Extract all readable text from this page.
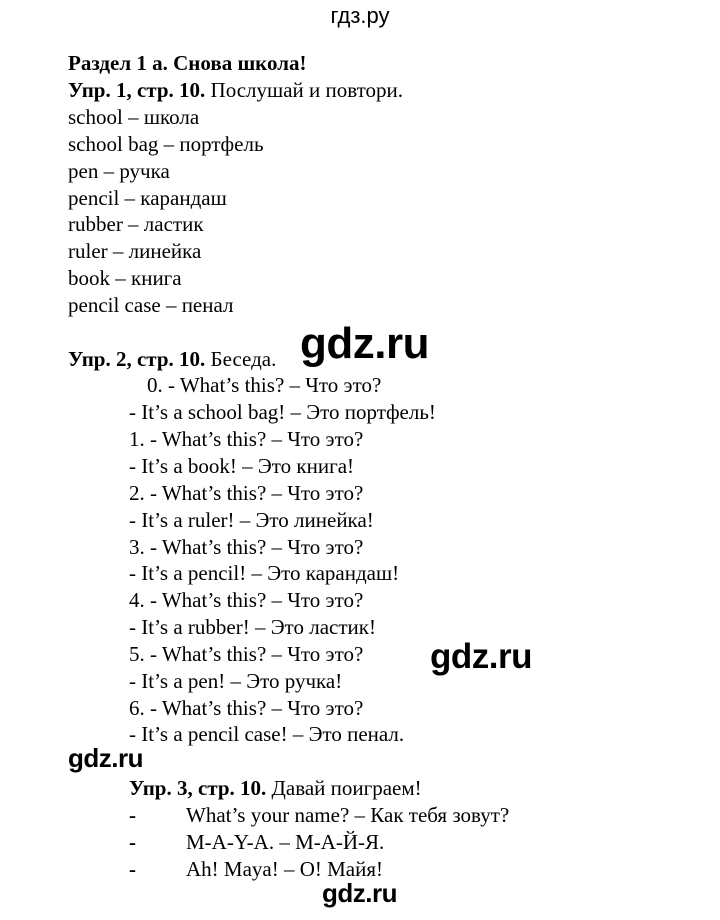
гдз.ру
Раздел 1 а. Снова школа!
Упр. 1, стр. 10. Послушай и повтори.
school – школа
school bag – портфель
pen – ручка
pencil – карандаш
rubber – ластик
ruler – линейка
book – книга
pencil case – пенал
Упр. 2, стр. 10. Беседа.
0. - What’s this? – Что это?
- It’s a school bag! – Это портфель!
1. - What’s this? – Что это?
- It’s a book! – Это книга!
2. - What’s this? – Что это?
- It’s a ruler! – Это линейка!
3. - What’s this? – Что это?
- It’s a pencil! – Это карандаш!
4. - What’s this? – Что это?
- It’s a rubber! – Это ластик!
5. - What’s this? – Что это?
- It’s a pen! – Это ручка!
6. - What’s this? – Что это?
- It’s a pencil case! – Это пенал.
Упр. 3, стр. 10. Давай поиграем!
- What’s your name? – Как тебя зовут?
- M-A-Y-A. – М-А-Й-Я.
- Ah! Maya! – О! Майя!
gdz.ru
gdz.ru
gdz.ru
gdz.ru
